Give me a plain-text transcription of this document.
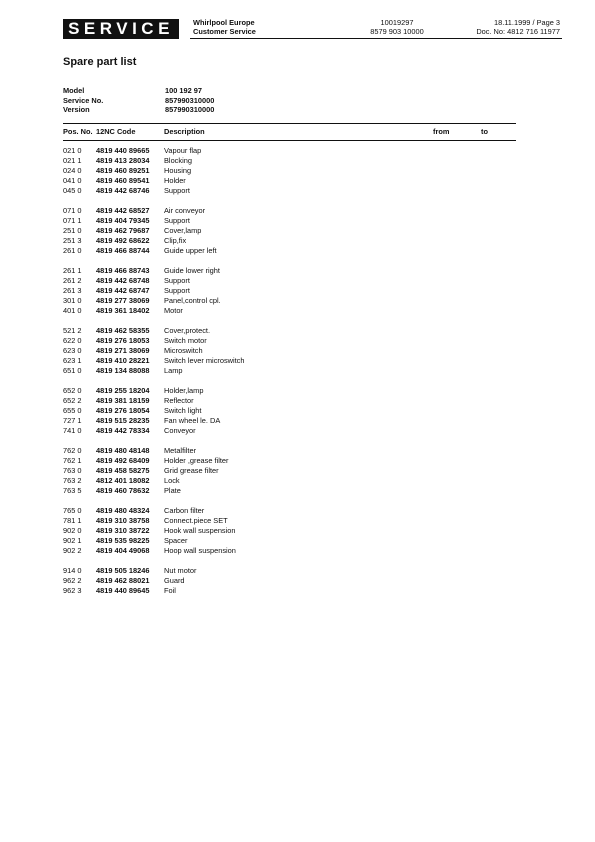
SERVICE	Whirlpool Europe
Customer Service
10019297
8579 903 10000
18.11.1999 / Page 3
Doc. No: 4812 716 11977
Spare part list
Model	100 192 97
Service No.	857990310000
Version	857990310000
Pos. No. 12NC Code	Description	from	to
021 0 4819 440 89665 Vapour flap
021 1 4819 413 28034 Blocking
024 0 4819 460 89251 Housing
041 0 4819 460 89541 Holder
045 0 4819 442 68746 Support
071 0 4819 442 68527 Air conveyor
071 1 4819 404 79345 Support
251 0 4819 462 79687 Cover,lamp
251 3 4819 492 68622 Clip,fix
261 0 4819 466 88744 Guide upper left
261 1 4819 466 88743 Guide lower right
261 2 4819 442 68748 Support
261 3 4819 442 68747 Support
301 0 4819 277 38069 Panel,control cpl.
401 0 4819 361 18402 Motor
521 2 4819 462 58355 Cover,protect.
622 0 4819 276 18053 Switch motor
623 0 4819 271 38069 Microswitch
623 1 4819 410 28221 Switch lever microswitch
651 0 4819 134 88088 Lamp
652 0 4819 255 18204 Holder,lamp
652 2 4819 381 18159 Reflector
655 0 4819 276 18054 Switch light
727 1 4819 515 28235 Fan wheel le. DA
741 0 4819 442 78334 Conveyor
762 0 4819 480 48148 Metalfilter
762 1 4819 492 68409 Holder ,grease filter
763 0 4819 458 58275 Grid grease filter
763 2 4812 401 18082 Lock
763 5 4819 460 78632 Plate
765 0 4819 480 48324 Carbon filter
781 1 4819 310 38758 Connect.piece SET
902 0 4819 310 38722 Hook wall suspension
902 1 4819 535 98225 Spacer
902 2 4819 404 49068 Hoop wall suspension
914 0 4819 505 18246 Nut motor
962 2 4819 462 88021 Guard
962 3 4819 440 89645 Foil
